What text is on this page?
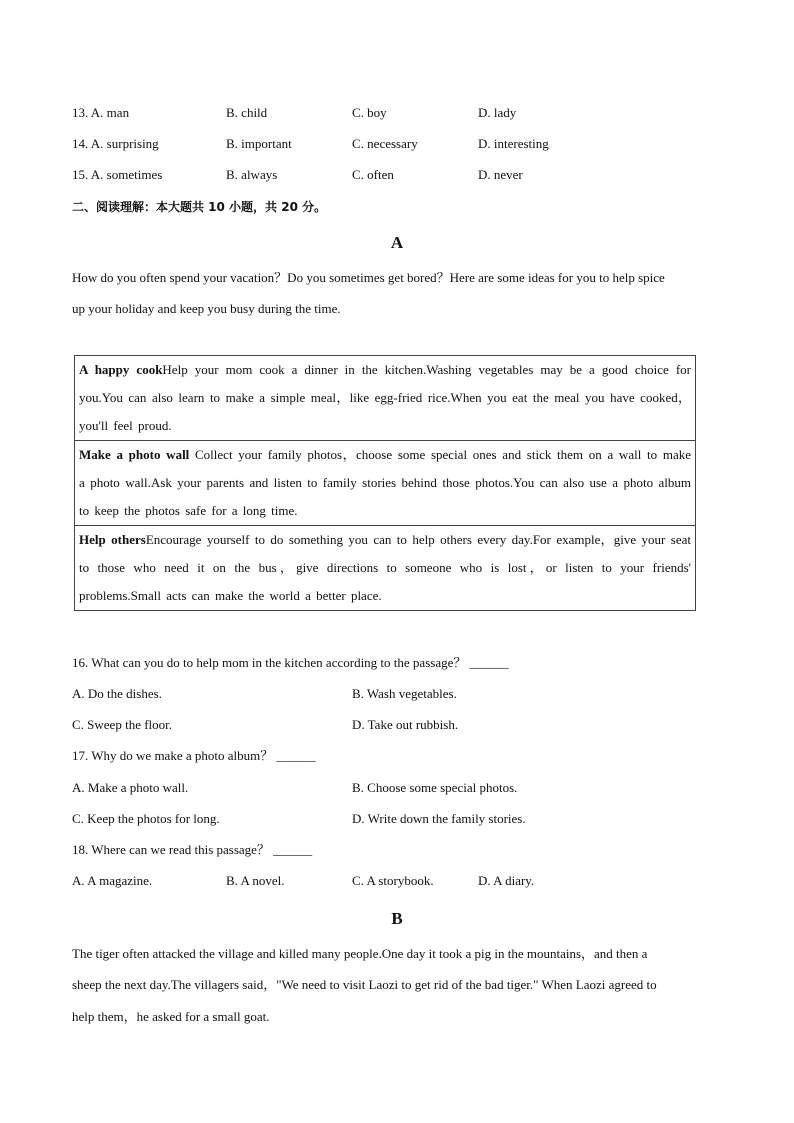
13. A. man	B. child	C. boy	D. lady
14. A. surprising	B. important	C. necessary	D. interesting
15. A. sometimes	B. always	C. often	D. never
二、阅读理解：本大题共 10 小题，共 20 分。
A
How do you often spend your vacation？Do you sometimes get bored？Here are some ideas for you to help spice
up your holiday and keep you busy during the time.
A happy cookHelp your mom cook a dinner in the kitchen.Washing vegetables may be a good choice for you.You can also learn to make a simple meal，like egg-fried rice.When you eat the meal you have cooked，you'll feel proud.
Make a photo wall Collect your family photos，choose some special ones and stick them on a wall to make a photo wall.Ask your parents and listen to family stories behind those photos.You can also use a photo album to keep the photos safe for a long time.
Help othersEncourage yourself to do something you can to help others every day.For example，give your seat to those who need it on the bus，give directions to someone who is lost，or listen to your friends' problems.Small acts can make the world a better place.
16. What can you do to help mom in the kitchen according to the passage？ ______
A. Do the dishes.	B. Wash vegetables.
C. Sweep the floor.	D. Take out rubbish.
17. Why do we make a photo album？ ______
A. Make a photo wall.	B. Choose some special photos.
C. Keep the photos for long.	D. Write down the family stories.
18. Where can we read this passage？ ______
A. A magazine.	B. A novel.	C. A storybook.	D. A diary.
B
The tiger often attacked the village and killed many people.One day it took a pig in the mountains，and then a
sheep the next day.The villagers said，"We need to visit Laozi to get rid of the bad tiger." When Laozi agreed to
help them，he asked for a small goat.
